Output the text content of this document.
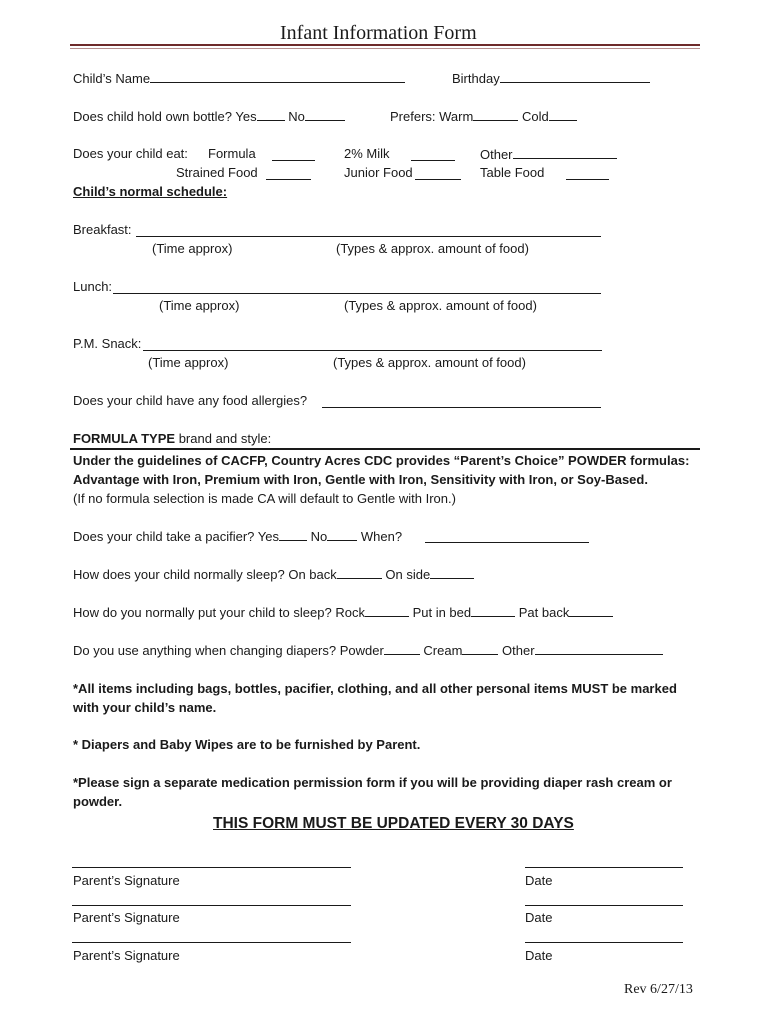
Infant Information Form
Child’s Name	Birthday
Does child hold own bottle? Yes No	Prefers: Warm	Cold
Does your child eat: Formula	2% Milk	Other
Strained Food	Junior Food	Table Food
Child’s normal schedule:
Breakfast:
(Time approx)	(Types & approx. amount of food)
Lunch:
(Time approx)	(Types & approx. amount of food)
P.M. Snack:
(Time approx)	(Types & approx. amount of food)
Does your child have any food allergies?
FORMULA TYPE brand and style:
Under the guidelines of CACFP, Country Acres CDC provides “Parent’s Choice” POWDER formulas:
Advantage with Iron, Premium with Iron, Gentle with Iron, Sensitivity with Iron, or Soy-Based.
(If no formula selection is made CA will default to Gentle with Iron.)
Does your child take a pacifier? Yes No	When?
How does your child normally sleep? On back	On side
How do you normally put your child to sleep? Rock	Put in bed	Pat back
Do you use anything when changing diapers? Powder	Cream	Other
*All items including bags, bottles, pacifier, clothing, and all other personal items MUST be marked
with your child’s name.
* Diapers and Baby Wipes are to be furnished by Parent.
*Please sign a separate medication permission form if you will be providing diaper rash cream or
powder.
THIS FORM MUST BE UPDATED EVERY 30 DAYS
Parent’s Signature	Date
Parent’s Signature	Date
Parent’s Signature	Date
Rev 6/27/13
